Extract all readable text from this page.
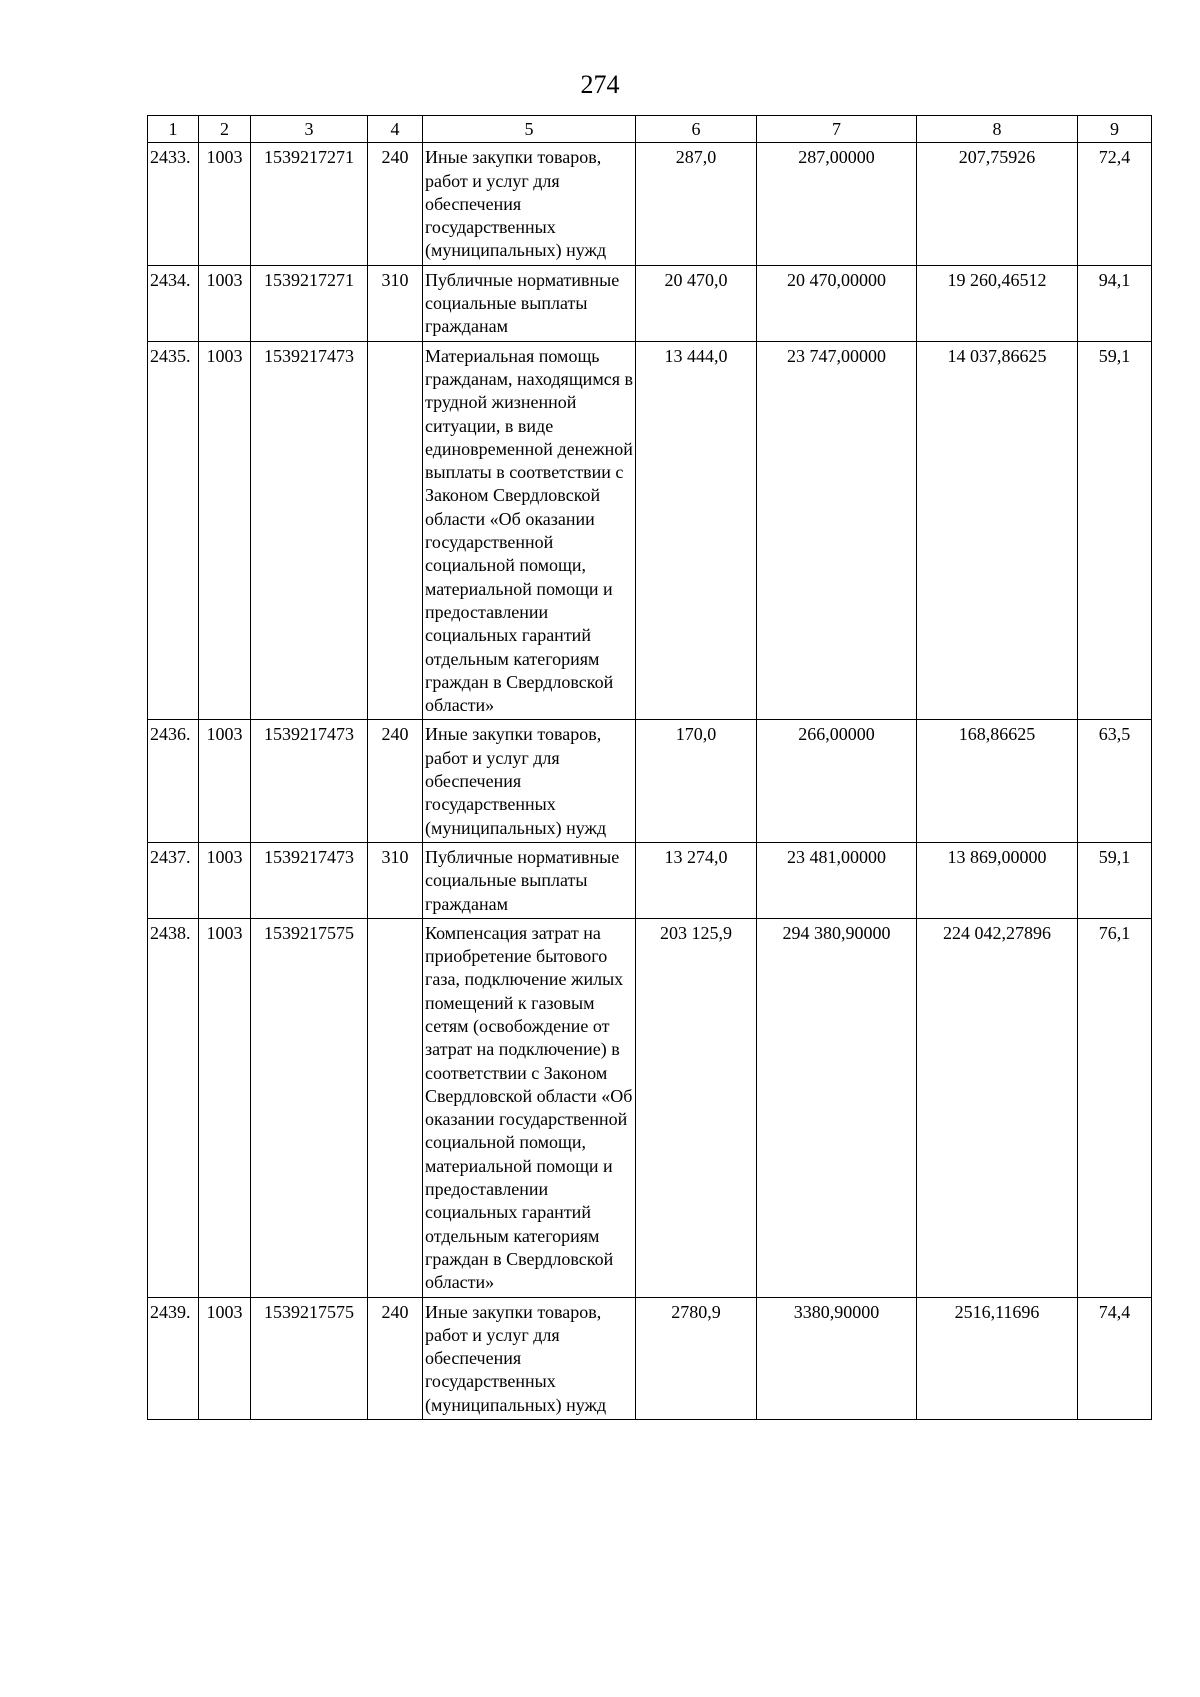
274
1	2	3	4	5	6	7	8	9
2433.	1003	1539217271	240	Иные закупки товаров, работ и услуг для обеспечения государственных (муниципальных) нужд	287,0	287,00000	207,75926	72,4
2434.	1003	1539217271	310	Публичные нормативные социальные выплаты гражданам	20 470,0	20 470,00000	19 260,46512	94,1
2435.	1003	1539217473		Материальная помощь гражданам, находящимся в трудной жизненной ситуации, в виде единовременной денежной выплаты в соответствии с Законом Свердловской области «Об оказании государственной социальной помощи, материальной помощи и предоставлении социальных гарантий отдельным категориям граждан в Свердловской области»	13 444,0	23 747,00000	14 037,86625	59,1
2436.	1003	1539217473	240	Иные закупки товаров, работ и услуг для обеспечения государственных (муниципальных) нужд	170,0	266,00000	168,86625	63,5
2437.	1003	1539217473	310	Публичные нормативные социальные выплаты гражданам	13 274,0	23 481,00000	13 869,00000	59,1
2438.	1003	1539217575		Компенсация затрат на приобретение бытового газа, подключение жилых помещений к газовым сетям (освобождение от затрат на подключение) в соответствии с Законом Свердловской области «Об оказании государственной социальной помощи, материальной помощи и предоставлении социальных гарантий отдельным категориям граждан в Свердловской области»	203 125,9	294 380,90000	224 042,27896	76,1
2439.	1003	1539217575	240	Иные закупки товаров, работ и услуг для обеспечения государственных (муниципальных) нужд	2780,9	3380,90000	2516,11696	74,4
